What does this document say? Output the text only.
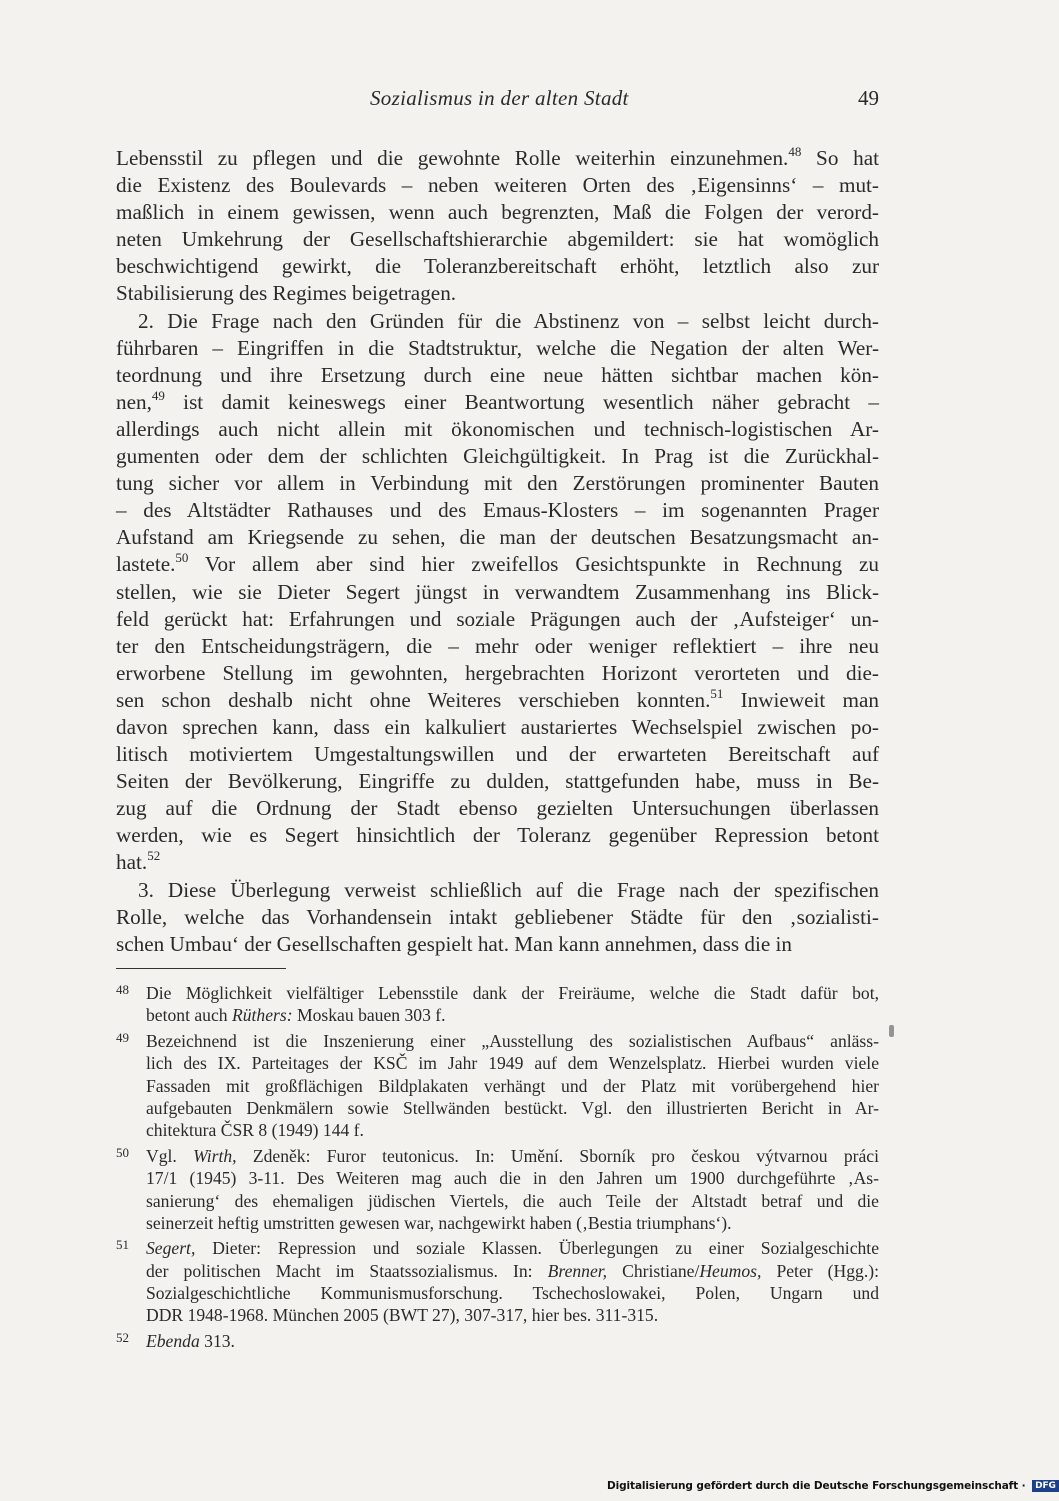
Sozialismus in der alten Stadt	49
Lebensstil zu pflegen und die gewohnte Rolle weiterhin einzunehmen.$^{48}$ So hat
die Existenz des Boulevards – neben weiteren Orten des ‚Eigensinns‘ – mut-
maßlich in einem gewissen, wenn auch begrenzten, Maß die Folgen der verord-
neten Umkehrung der Gesellschaftshierarchie abgemildert: sie hat womöglich
beschwichtigend gewirkt, die Toleranzbereitschaft erhöht, letztlich also zur
Stabilisierung des Regimes beigetragen.
2. Die Frage nach den Gründen für die Abstinenz von – selbst leicht durch-
führbaren – Eingriffen in die Stadtstruktur, welche die Negation der alten Wer-
teordnung und ihre Ersetzung durch eine neue hätten sichtbar machen kön-
nen,$^{49}$ ist damit keineswegs einer Beantwortung wesentlich näher gebracht –
allerdings auch nicht allein mit ökonomischen und technisch-logistischen Ar-
gumenten oder dem der schlichten Gleichgültigkeit. In Prag ist die Zurückhal-
tung sicher vor allem in Verbindung mit den Zerstörungen prominenter Bauten
– des Altstädter Rathauses und des Emaus-Klosters – im sogenannten Prager
Aufstand am Kriegsende zu sehen, die man der deutschen Besatzungsmacht an-
lastete.$^{50}$ Vor allem aber sind hier zweifellos Gesichtspunkte in Rechnung zu
stellen, wie sie Dieter Segert jüngst in verwandtem Zusammenhang ins Blick-
feld gerückt hat: Erfahrungen und soziale Prägungen auch der ‚Aufsteiger‘ un-
ter den Entscheidungsträgern, die – mehr oder weniger reflektiert – ihre neu
erworbene Stellung im gewohnten, hergebrachten Horizont verorteten und die-
sen schon deshalb nicht ohne Weiteres verschieben konnten.$^{51}$ Inwieweit man
davon sprechen kann, dass ein kalkuliert austariertes Wechselspiel zwischen po-
litisch motiviertem Umgestaltungswillen und der erwarteten Bereitschaft auf
Seiten der Bevölkerung, Eingriffe zu dulden, stattgefunden habe, muss in Be-
zug auf die Ordnung der Stadt ebenso gezielten Untersuchungen überlassen
werden, wie es Segert hinsichtlich der Toleranz gegenüber Repression betont
hat.$^{52}$
3. Diese Überlegung verweist schließlich auf die Frage nach der spezifischen
Rolle, welche das Vorhandensein intakt gebliebener Städte für den ‚sozialisti-
schen Umbau‘ der Gesellschaften gespielt hat. Man kann annehmen, dass die in
48 Die Möglichkeit vielfältiger Lebensstile dank der Freiräume, welche die Stadt dafür bot,
betont auch Rüthers: Moskau bauen 303 f.
49 Bezeichnend ist die Inszenierung einer „Ausstellung des sozialistischen Aufbaus“ anläss-
lich des IX. Parteitages der KSČ im Jahr 1949 auf dem Wenzelsplatz. Hierbei wurden viele
Fassaden mit großflächigen Bildplakaten verhängt und der Platz mit vorübergehend hier
aufgebauten Denkmälern sowie Stellwänden bestückt. Vgl. den illustrierten Bericht in Ar-
chitektura ČSR 8 (1949) 144 f.
50 Vgl. Wirth, Zdeněk: Furor teutonicus. In: Umění. Sborník pro českou výtvarnou práci
17/1 (1945) 3-11. Des Weiteren mag auch die in den Jahren um 1900 durchgeführte ‚As-
sanierung‘ des ehemaligen jüdischen Viertels, die auch Teile der Altstadt betraf und die
seinerzeit heftig umstritten gewesen war, nachgewirkt haben (‚Bestia triumphans‘).
51 Segert, Dieter: Repression und soziale Klassen. Überlegungen zu einer Sozialgeschichte
der politischen Macht im Staatssozialismus. In: Brenner, Christiane/Heumos, Peter (Hgg.):
Sozialgeschichtliche Kommunismusforschung. Tschechoslowakei, Polen, Ungarn und
DDR 1948-1968. München 2005 (BWT 27), 307-317, hier bes. 311-315.
52 Ebenda 313.
Digitalisierung gefördert durch die Deutsche Forschungsgemeinschaft · DFG
